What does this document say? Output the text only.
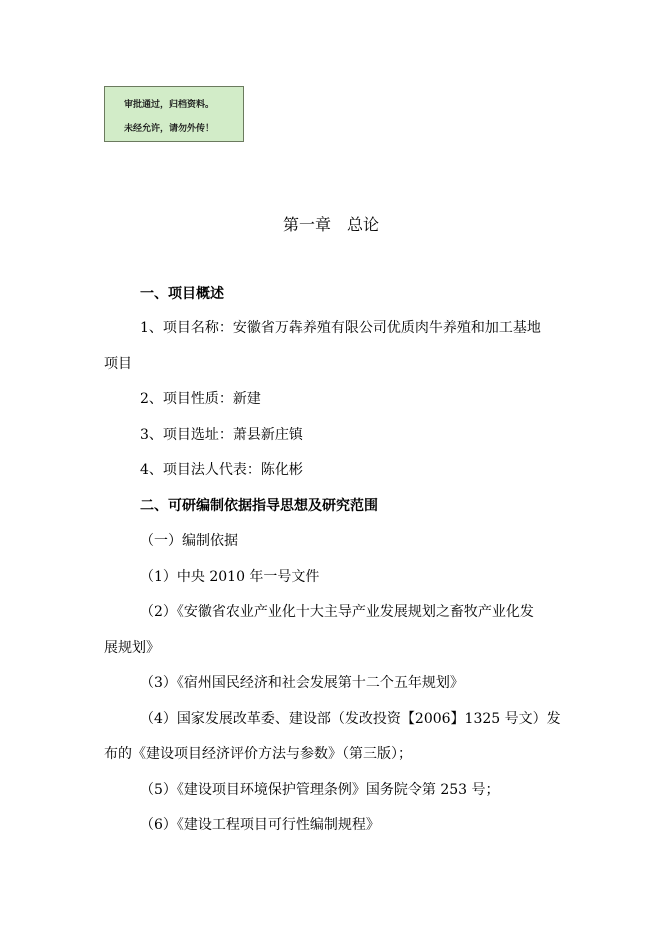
审批通过，归档资料。
未经允许，请勿外传！
第一章　总论
一、项目概述
1、项目名称：安徽省万犇养殖有限公司优质肉牛养殖和加工基地
项目
2、项目性质：新建
3、项目选址：萧县新庄镇
4、项目法人代表：陈化彬
二、可研编制依据指导思想及研究范围
（一）编制依据
（1）中央 2010 年一号文件
（2）《安徽省农业产业化十大主导产业发展规划之畜牧产业化发
展规划》
（3）《宿州国民经济和社会发展第十二个五年规划》
（4）国家发展改革委、建设部（发改投资【2006】1325 号文）发
布的《建设项目经济评价方法与参数》（第三版）；
（5）《建设项目环境保护管理条例》国务院令第 253 号；
（6）《建设工程项目可行性编制规程》
